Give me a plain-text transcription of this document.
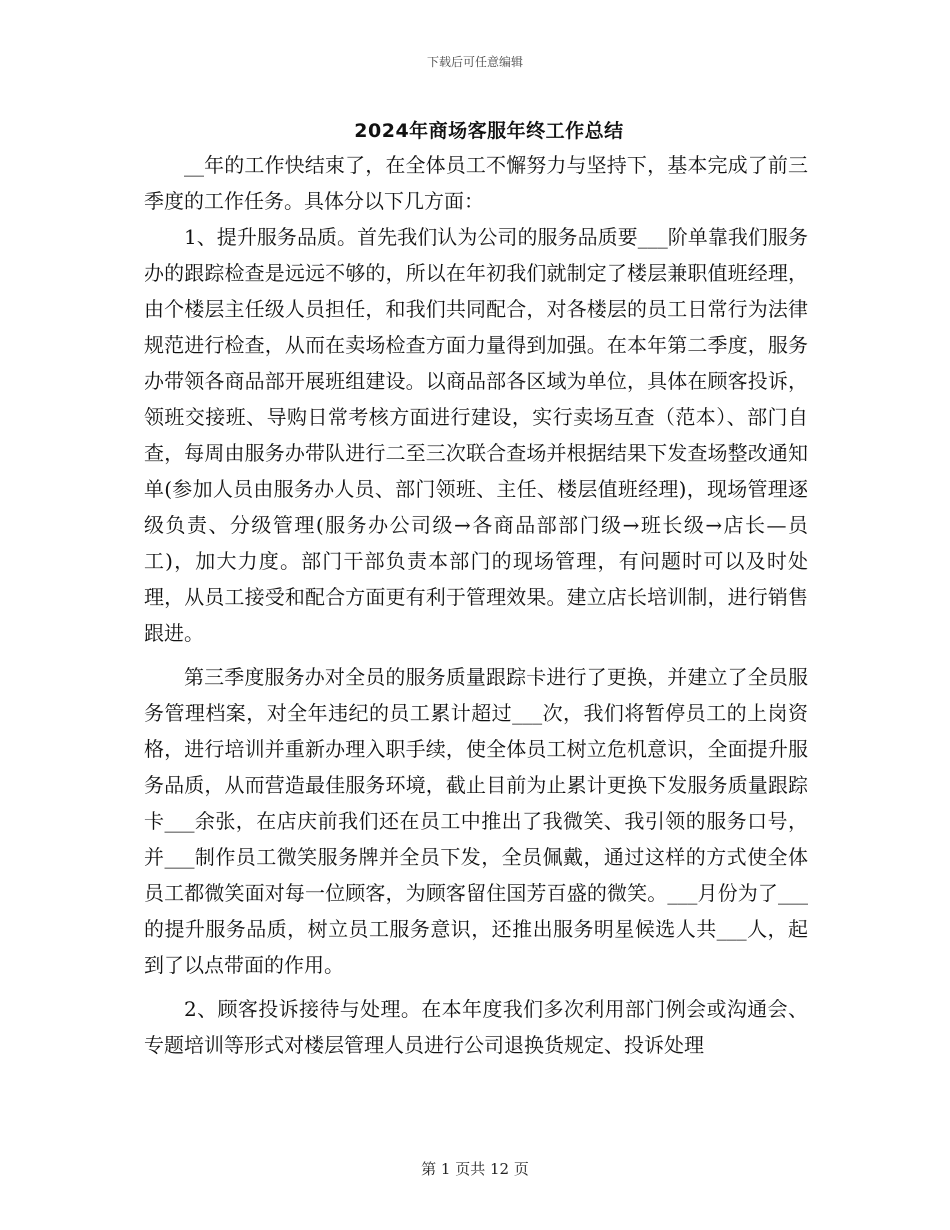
下载后可任意编辑
2024年商场客服年终工作总结

__年的工作快结束了，在全体员工不懈努力与坚持下，基本完成了前三季度的工作任务。具体分以下几方面：

1、提升服务品质。首先我们认为公司的服务品质要___阶单靠我们服务办的跟踪检查是远远不够的，所以在年初我们就制定了楼层兼职值班经理，由个楼层主任级人员担任，和我们共同配合，对各楼层的员工日常行为法律规范进行检查，从而在卖场检查方面力量得到加强。在本年第二季度，服务办带领各商品部开展班组建设。以商品部各区域为单位，具体在顾客投诉，领班交接班、导购日常考核方面进行建设，实行卖场互查（范本）、部门自查，每周由服务办带队进行二至三次联合查场并根据结果下发查场整改通知单(参加人员由服务办人员、部门领班、主任、楼层值班经理)，现场管理逐级负责、分级管理(服务办公司级→各商品部部门级→班长级→店长—员工)，加大力度。部门干部负责本部门的现场管理，有问题时可以及时处理，从员工接受和配合方面更有利于管理效果。建立店长培训制，进行销售跟进。

第三季度服务办对全员的服务质量跟踪卡进行了更换，并建立了全员服务管理档案，对全年违纪的员工累计超过___次，我们将暂停员工的上岗资格，进行培训并重新办理入职手续，使全体员工树立危机意识，全面提升服务品质，从而营造最佳服务环境，截止目前为止累计更换下发服务质量跟踪卡___余张，在店庆前我们还在员工中推出了我微笑、我引领的服务口号，并___制作员工微笑服务牌并全员下发，全员佩戴，通过这样的方式使全体员工都微笑面对每一位顾客，为顾客留住国芳百盛的微笑。___月份为了___的提升服务品质，树立员工服务意识，还推出服务明星候选人共___人，起到了以点带面的作用。

2、顾客投诉接待与处理。在本年度我们多次利用部门例会或沟通会、专题培训等形式对楼层管理人员进行公司退换货规定、投诉处理

第 1 页共 12 页
